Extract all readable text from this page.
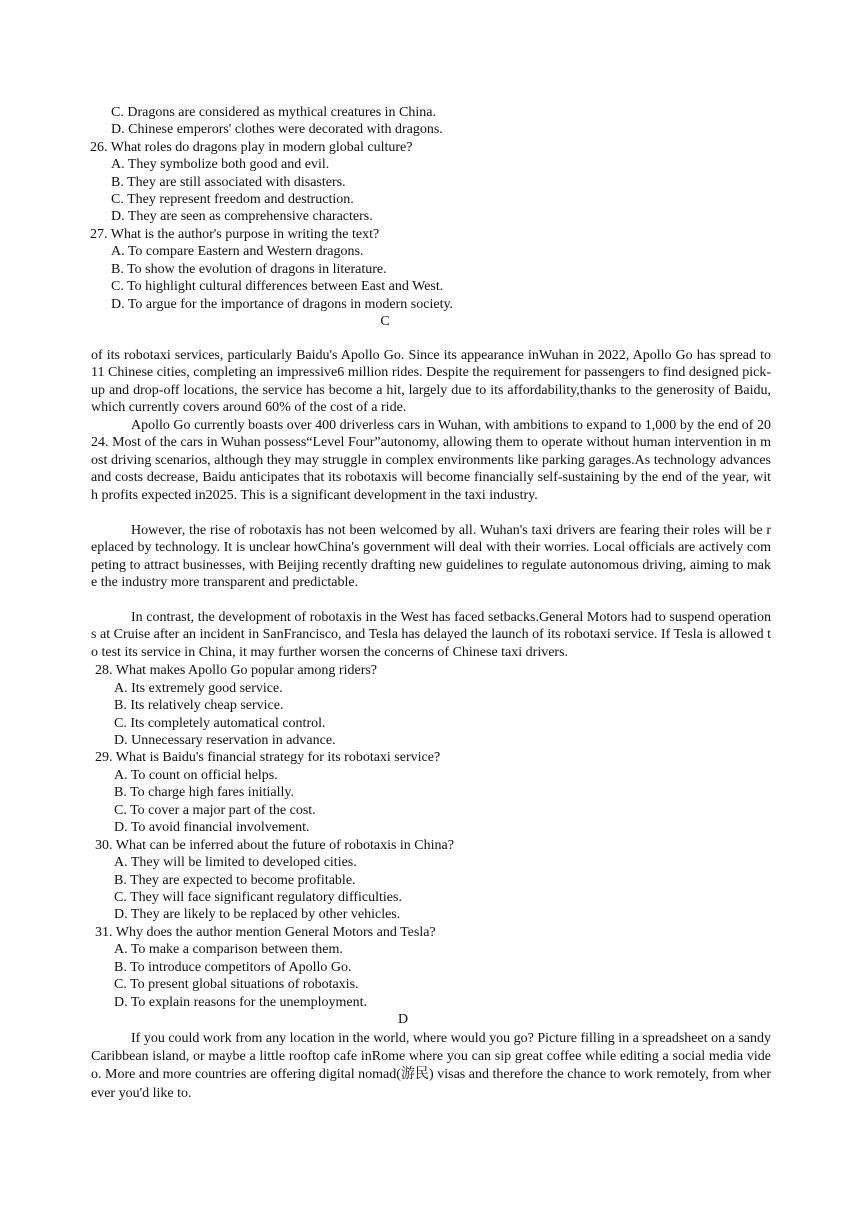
C. Dragons are considered as mythical creatures in China.
D. Chinese emperors' clothes were decorated with dragons.
26. What roles do dragons play in modern global culture?
A. They symbolize both good and evil.
B. They are still associated with disasters.
C. They represent freedom and destruction.
D. They are seen as comprehensive characters.
27. What is the author's purpose in writing the text?
A. To compare Eastern and Western dragons.
B. To show the evolution of dragons in literature.
C. To highlight cultural differences between East and West.
D. To argue for the importance of dragons in modern society.
C
of its robotaxi services, particularly Baidu's Apollo Go. Since its appearance inWuhan in 2022, Apollo Go has spread to 11 Chinese cities, completing an impressive6 million rides. Despite the requirement for passengers to find designed pick-up and drop-off locations, the service has become a hit, largely due to its affordability,thanks to the generosity of Baidu, which currently covers around 60% of the cost of a ride.
Apollo Go currently boasts over 400 driverless cars in Wuhan, with ambitions to expand to 1,000 by the end of 2024. Most of the cars in Wuhan possess“Level Four”autonomy, allowing them to operate without human intervention in most driving scenarios, although they may struggle in complex environments like parking garages.As technology advances and costs decrease, Baidu anticipates that its robotaxis will become financially self-sustaining by the end of the year, with profits expected in2025. This is a significant development in the taxi industry.
However, the rise of robotaxis has not been welcomed by all. Wuhan's taxi drivers are fearing their roles will be replaced by technology. It is unclear howChina's government will deal with their worries. Local officials are actively competing to attract businesses, with Beijing recently drafting new guidelines to regulate autonomous driving, aiming to make the industry more transparent and predictable.
In contrast, the development of robotaxis in the West has faced setbacks.General Motors had to suspend operations at Cruise after an incident in SanFrancisco, and Tesla has delayed the launch of its robotaxi service. If Tesla is allowed to test its service in China, it may further worsen the concerns of Chinese taxi drivers.
28. What makes Apollo Go popular among riders?
A. Its extremely good service.
B. Its relatively cheap service.
C. Its completely automatical control.
D. Unnecessary reservation in advance.
29. What is Baidu's financial strategy for its robotaxi service?
A. To count on official helps.
B. To charge high fares initially.
C. To cover a major part of the cost.
D. To avoid financial involvement.
30. What can be inferred about the future of robotaxis in China?
A. They will be limited to developed cities.
B. They are expected to become profitable.
C. They will face significant regulatory difficulties.
D. They are likely to be replaced by other vehicles.
31. Why does the author mention General Motors and Tesla?
A. To make a comparison between them.
B. To introduce competitors of Apollo Go.
C. To present global situations of robotaxis.
D. To explain reasons for the unemployment.
D
If you could work from any location in the world, where would you go? Picture filling in a spreadsheet on a sandy Caribbean island, or maybe a little rooftop cafe inRome where you can sip great coffee while editing a social media video. More and more countries are offering digital nomad(游民) visas and therefore the chance to work remotely, from wherever you'd like to.
